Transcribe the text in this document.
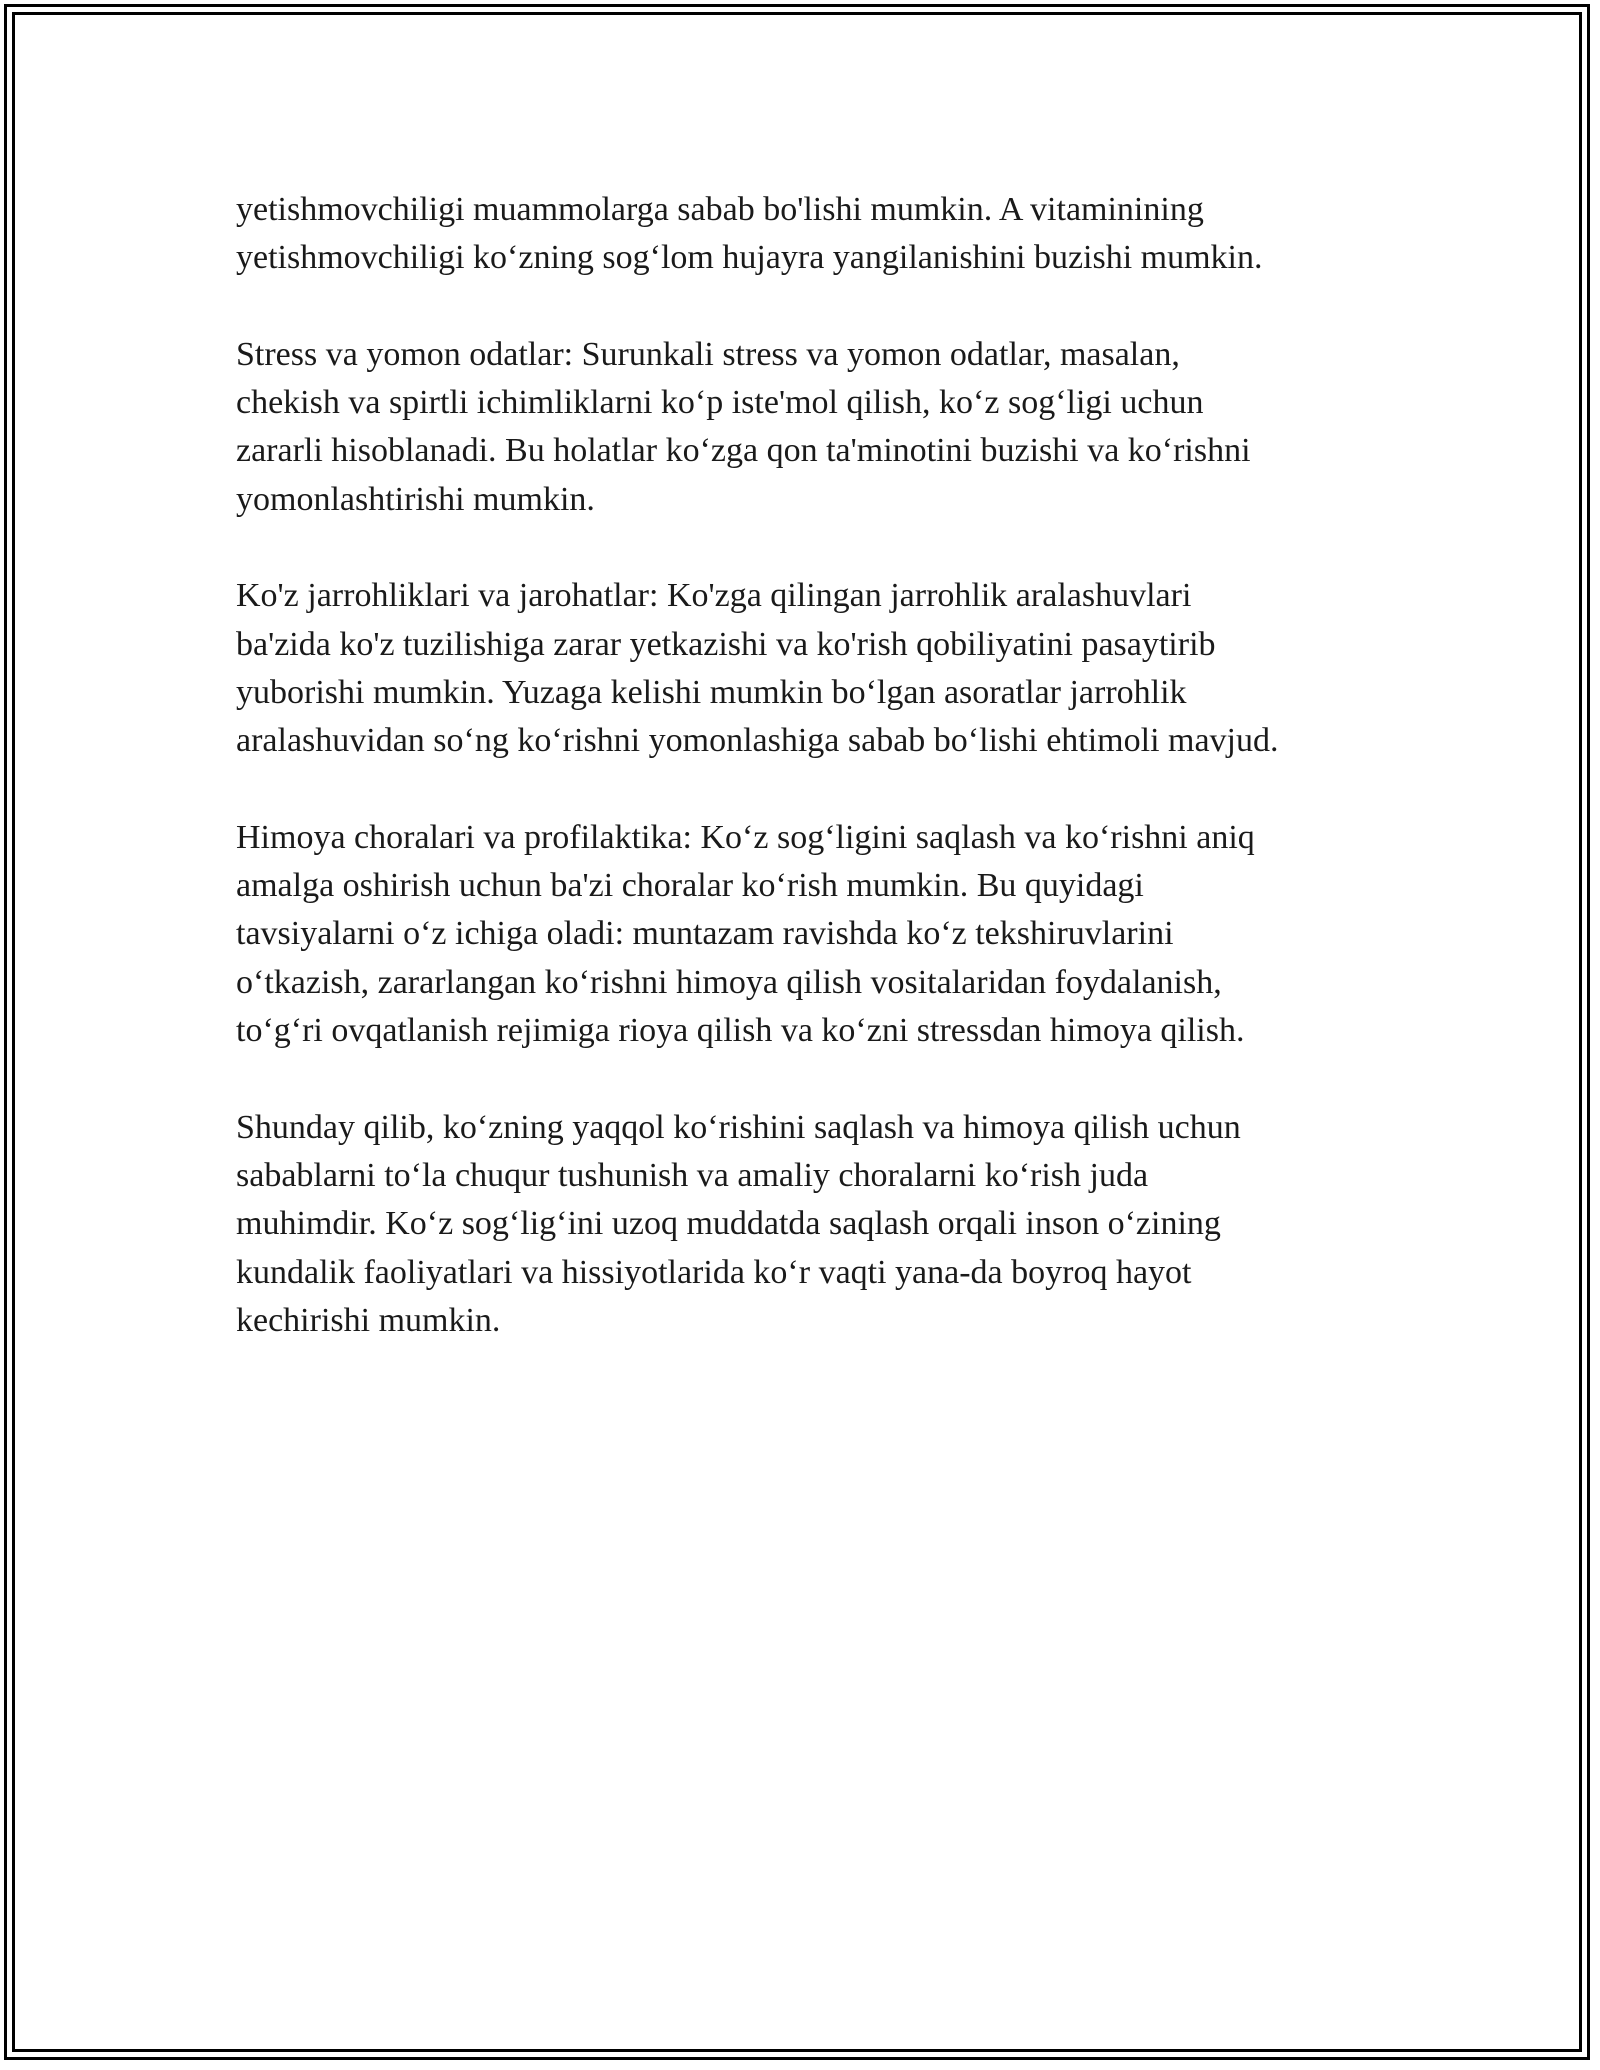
yetishmovchiligi muammolarga sabab bo'lishi mumkin. A vitaminining
yetishmovchiligi ko‘zning sog‘lom hujayra yangilanishini buzishi mumkin.

Stress va yomon odatlar: Surunkali stress va yomon odatlar, masalan,
chekish va spirtli ichimliklarni ko‘p iste'mol qilish, ko‘z sog‘ligi uchun
zararli hisoblanadi. Bu holatlar ko‘zga qon ta'minotini buzishi va ko‘rishni
yomonlashtirishi mumkin.

Ko'z jarrohliklari va jarohatlar: Ko'zga qilingan jarrohlik aralashuvlari
ba'zida ko'z tuzilishiga zarar yetkazishi va ko'rish qobiliyatini pasaytirib
yuborishi mumkin. Yuzaga kelishi mumkin bo‘lgan asoratlar jarrohlik
aralashuvidan so‘ng ko‘rishni yomonlashiga sabab bo‘lishi ehtimoli mavjud.

Himoya choralari va profilaktika: Ko‘z sog‘ligini saqlash va ko‘rishni aniq
amalga oshirish uchun ba'zi choralar ko‘rish mumkin. Bu quyidagi
tavsiyalarni o‘z ichiga oladi: muntazam ravishda ko‘z tekshiruvlarini
o‘tkazish, zararlangan ko‘rishni himoya qilish vositalaridan foydalanish,
to‘g‘ri ovqatlanish rejimiga rioya qilish va ko‘zni stressdan himoya qilish.

Shunday qilib, ko‘zning yaqqol ko‘rishini saqlash va himoya qilish uchun
sabablarni to‘la chuqur tushunish va amaliy choralarni ko‘rish juda
muhimdir. Ko‘z sog‘lig‘ini uzoq muddatda saqlash orqali inson o‘zining
kundalik faoliyatlari va hissiyotlarida ko‘r vaqti yana-da boyroq hayot
kechirishi mumkin.
